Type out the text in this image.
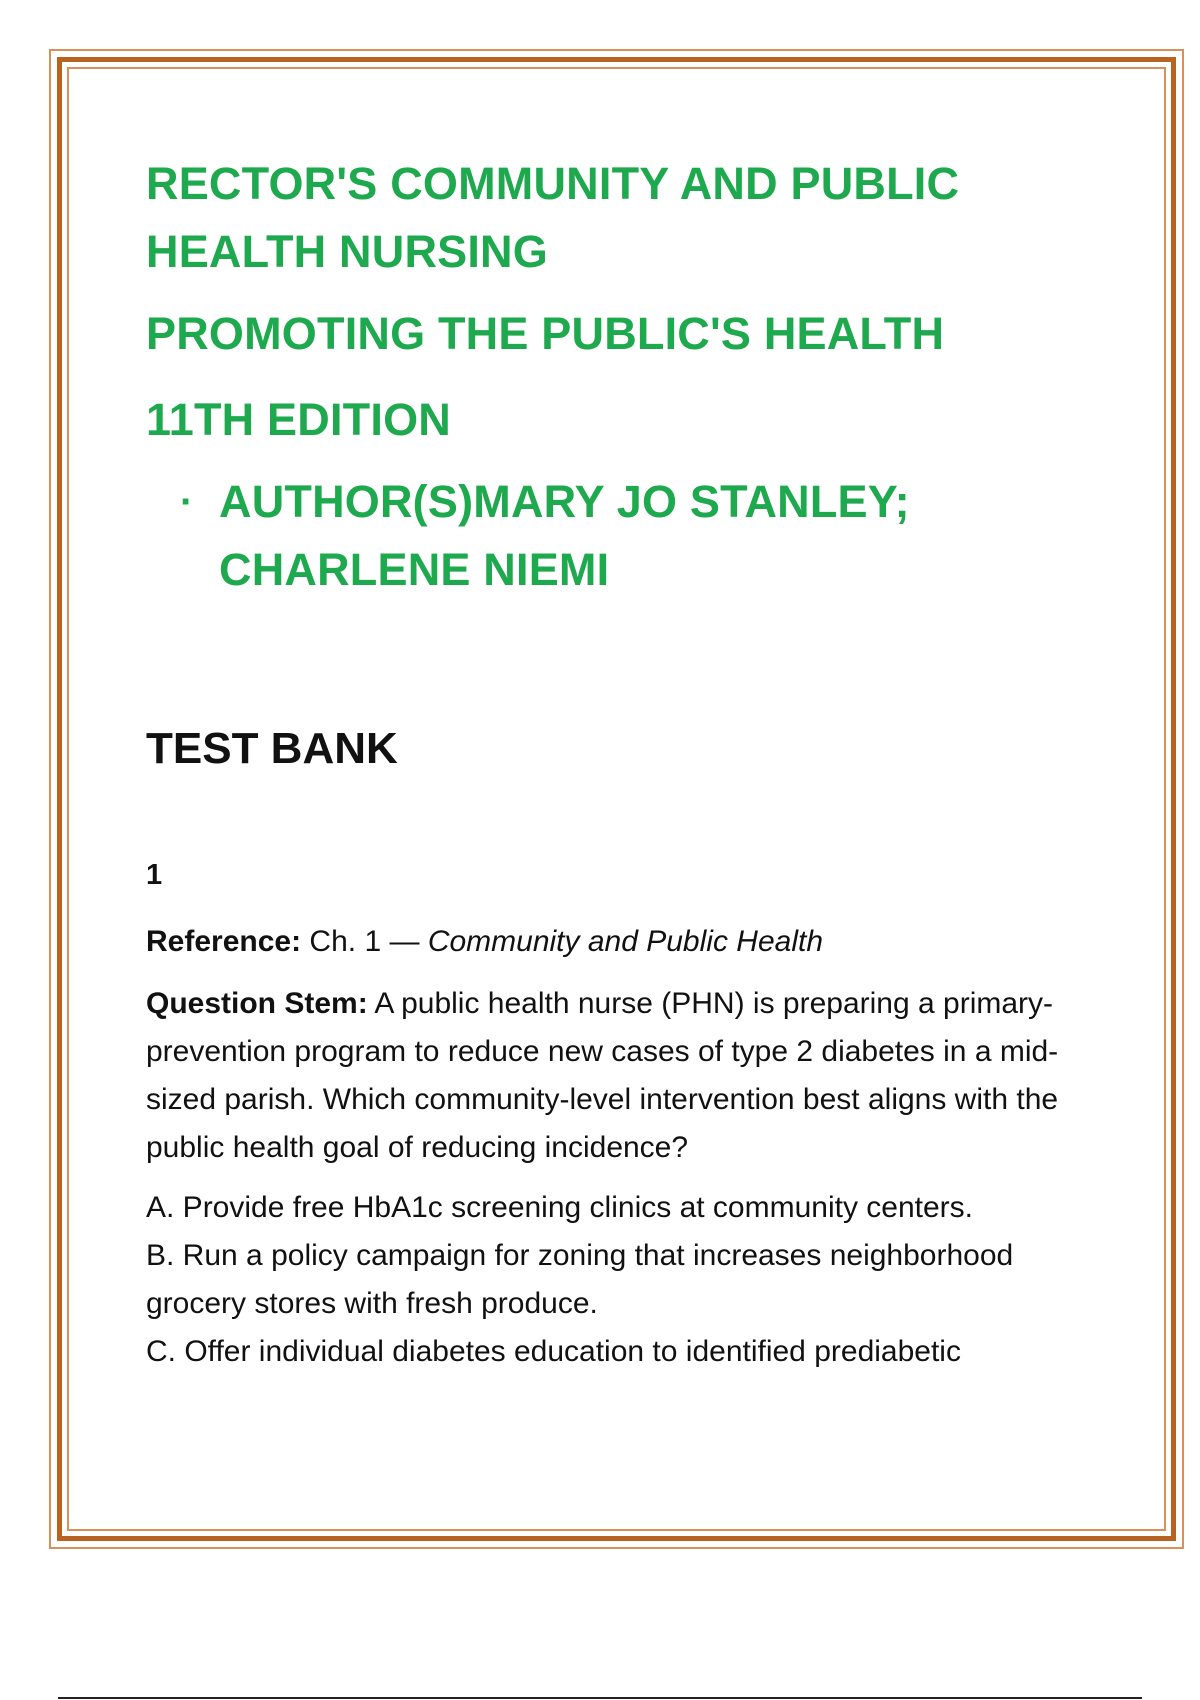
RECTOR'S COMMUNITY AND PUBLIC

HEALTH NURSING

PROMOTING THE PUBLIC'S HEALTH

11TH EDITION

· AUTHOR(S)MARY JO STANLEY;
CHARLENE NIEMI

TEST BANK

1

Reference: Ch. 1 — Community and Public Health

Question Stem: A public health nurse (PHN) is preparing a primary-prevention program to reduce new cases of type 2 diabetes in a mid-sized parish. Which community-level intervention best aligns with the public health goal of reducing incidence?

A. Provide free HbA1c screening clinics at community centers.
B. Run a policy campaign for zoning that increases neighborhood grocery stores with fresh produce.
C. Offer individual diabetes education to identified prediabetic
